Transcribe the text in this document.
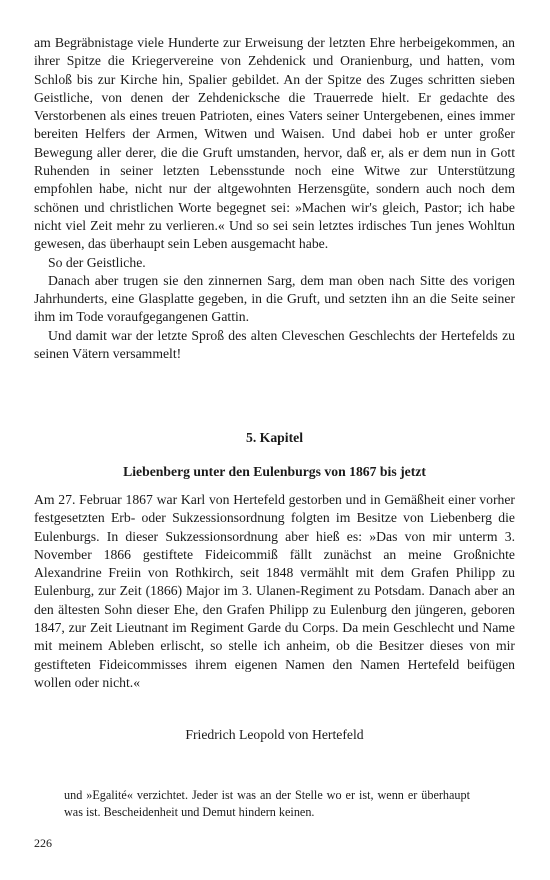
am Begräbnistage viele Hunderte zur Erweisung der letzten Ehre herbeigekommen, an ihrer Spitze die Kriegervereine von Zehdenick und Oranienburg, und hatten, vom Schloß bis zur Kirche hin, Spalier gebildet. An der Spitze des Zuges schritten sieben Geistliche, von denen der Zehdenicksche die Trauerrede hielt. Er gedachte des Verstorbenen als eines treuen Patrioten, eines Vaters seiner Untergebenen, eines immer bereiten Helfers der Armen, Witwen und Waisen. Und dabei hob er unter großer Bewegung aller derer, die die Gruft umstanden, hervor, daß er, als er dem nun in Gott Ruhenden in seiner letzten Lebensstunde noch eine Witwe zur Unterstützung empfohlen habe, nicht nur der altgewohnten Herzensgüte, sondern auch noch dem schönen und christlichen Worte begegnet sei: »Machen wir's gleich, Pastor; ich habe nicht viel Zeit mehr zu verlieren.« Und so sei sein letztes irdisches Tun jenes Wohltun gewesen, das überhaupt sein Leben ausgemacht habe.

So der Geistliche.

Danach aber trugen sie den zinnernen Sarg, dem man oben nach Sitte des vorigen Jahrhunderts, eine Glasplatte gegeben, in die Gruft, und setzten ihn an die Seite seiner ihm im Tode voraufgegangenen Gattin.

Und damit war der letzte Sproß des alten Cleveschen Geschlechts der Hertefelds zu seinen Vätern versammelt!

5. Kapitel
Liebenberg unter den Eulenburgs von 1867 bis jetzt

Am 27. Februar 1867 war Karl von Hertefeld gestorben und in Gemäßheit einer vorher festgesetzten Erb- oder Sukzessionsordnung folgten im Besitze von Liebenberg die Eulenburgs. In dieser Sukzessionsordnung aber hieß es: »Das von mir unterm 3. November 1866 gestiftete Fideicommiß fällt zunächst an meine Großnichte Alexandrine Freiin von Rothkirch, seit 1848 vermählt mit dem Grafen Philipp zu Eulenburg, zur Zeit (1866) Major im 3. Ulanen-Regiment zu Potsdam. Danach aber an den ältesten Sohn dieser Ehe, den Grafen Philipp zu Eulenburg den jüngeren, geboren 1847, zur Zeit Lieutnant im Regiment Garde du Corps. Da mein Geschlecht und Name mit meinem Ableben erlischt, so stelle ich anheim, ob die Besitzer dieses von mir gestifteten Fideicommisses ihrem eigenen Namen den Namen Hertefeld beifügen wollen oder nicht.«

Friedrich Leopold von Hertefeld

und »Egalité« verzichtet. Jeder ist was an der Stelle wo er ist, wenn er überhaupt was ist. Bescheidenheit und Demut hindern keinen.

226
